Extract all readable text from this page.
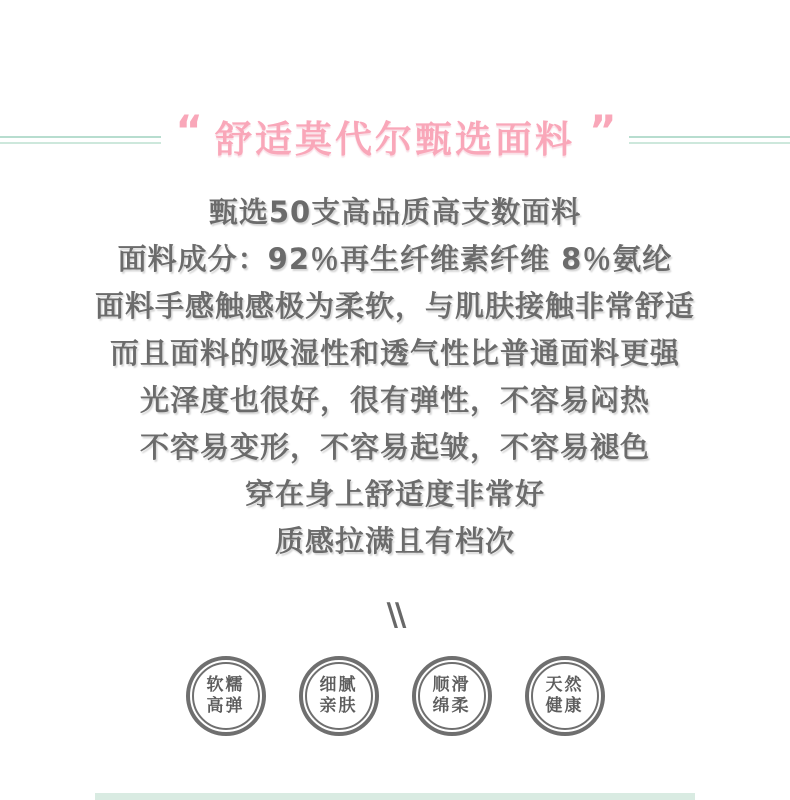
“ 舒适莫代尔甄选面料 ”
甄选50支高品质高支数面料
面料成分：92％再生纤维素纤维 8％氨纶
面料手感触感极为柔软，与肌肤接触非常舒适
而且面料的吸湿性和透气性比普通面料更强
光泽度也很好，很有弹性，不容易闷热
不容易变形，不容易起皱，不容易褪色
穿在身上舒适度非常好
质感拉满且有档次
\\
软糯
高弹
细腻
亲肤
顺滑
绵柔
天然
健康
